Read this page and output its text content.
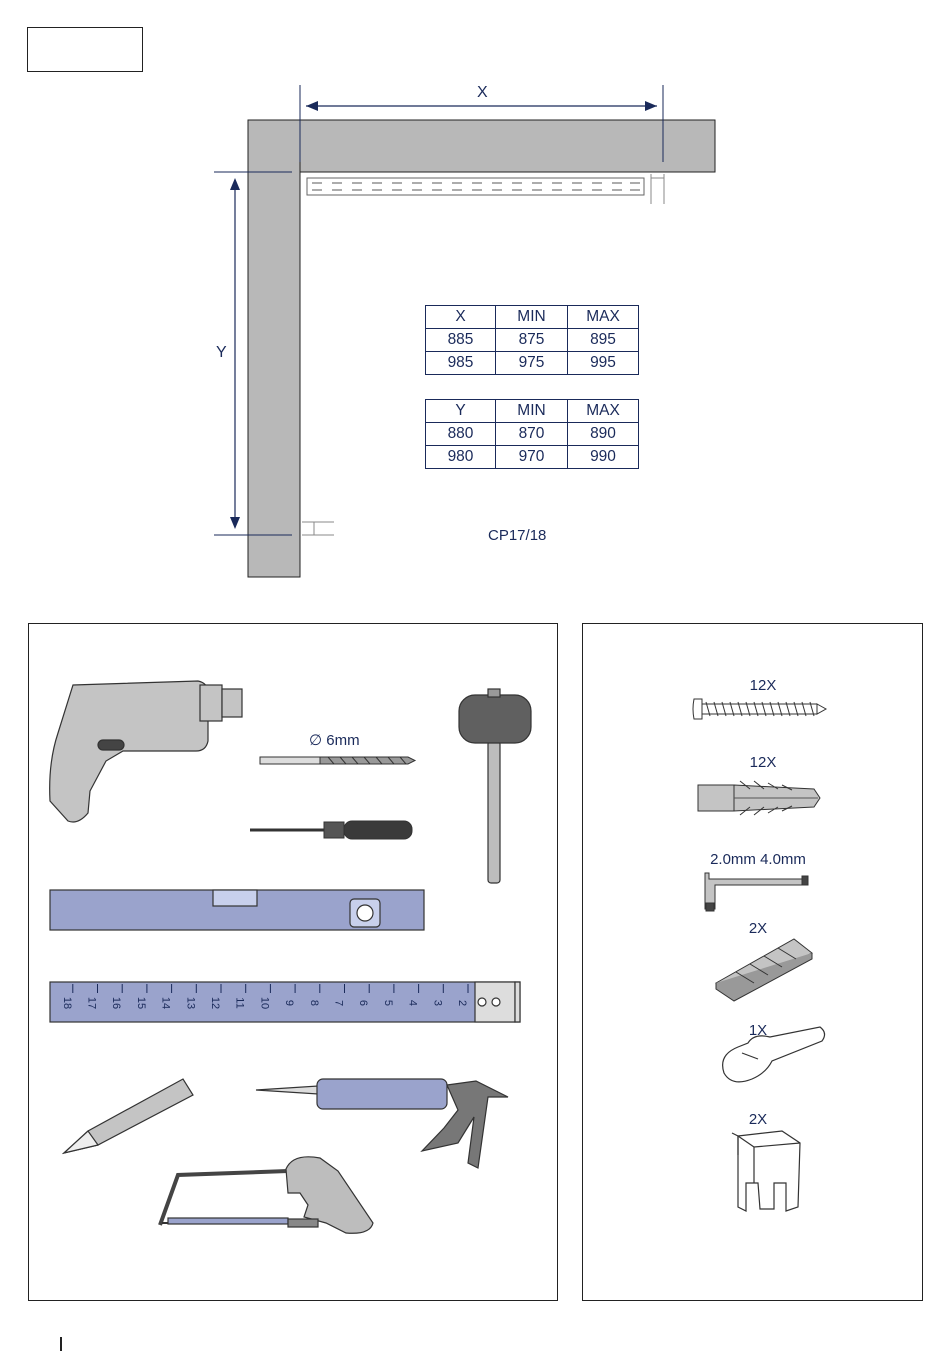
X
Y
CP17/18
X	MIN	MAX
885	875	895
985	975	995
Y	MIN	MAX
880	870	890
980	970	990
2
3
4
5
6
7
8
9
10
11
12
13
14
15
16
17
18
∅ 6mm
12X
12X
2.0mm 4.0mm
2X
1X
2X
